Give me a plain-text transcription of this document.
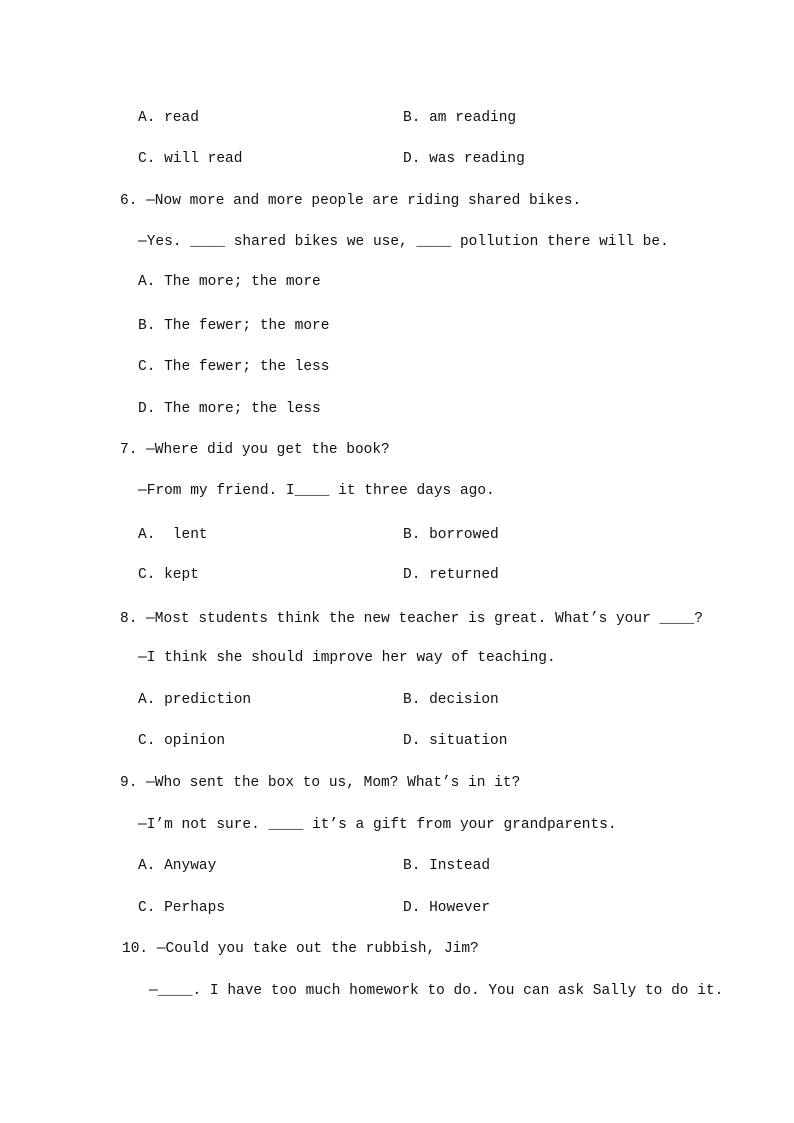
A. read	B. am reading
C. will read	D. was reading
6. —Now more and more people are riding shared bikes.
—Yes. ____ shared bikes we use, ____ pollution there will be.
A. The more; the more
B. The fewer; the more
C. The fewer; the less
D. The more; the less
7. —Where did you get the book?
—From my friend. I____ it three days ago.
A.  lent	B. borrowed
C. kept	D. returned
8. —Most students think the new teacher is great. What’s your ____?
—I think she should improve her way of teaching.
A. prediction	B. decision
C. opinion	D. situation
9. —Who sent the box to us, Mom? What’s in it?
—I’m not sure. ____ it’s a gift from your grandparents.
A. Anyway	B. Instead
C. Perhaps	D. However
10. —Could you take out the rubbish, Jim?
—____. I have too much homework to do. You can ask Sally to do it.
